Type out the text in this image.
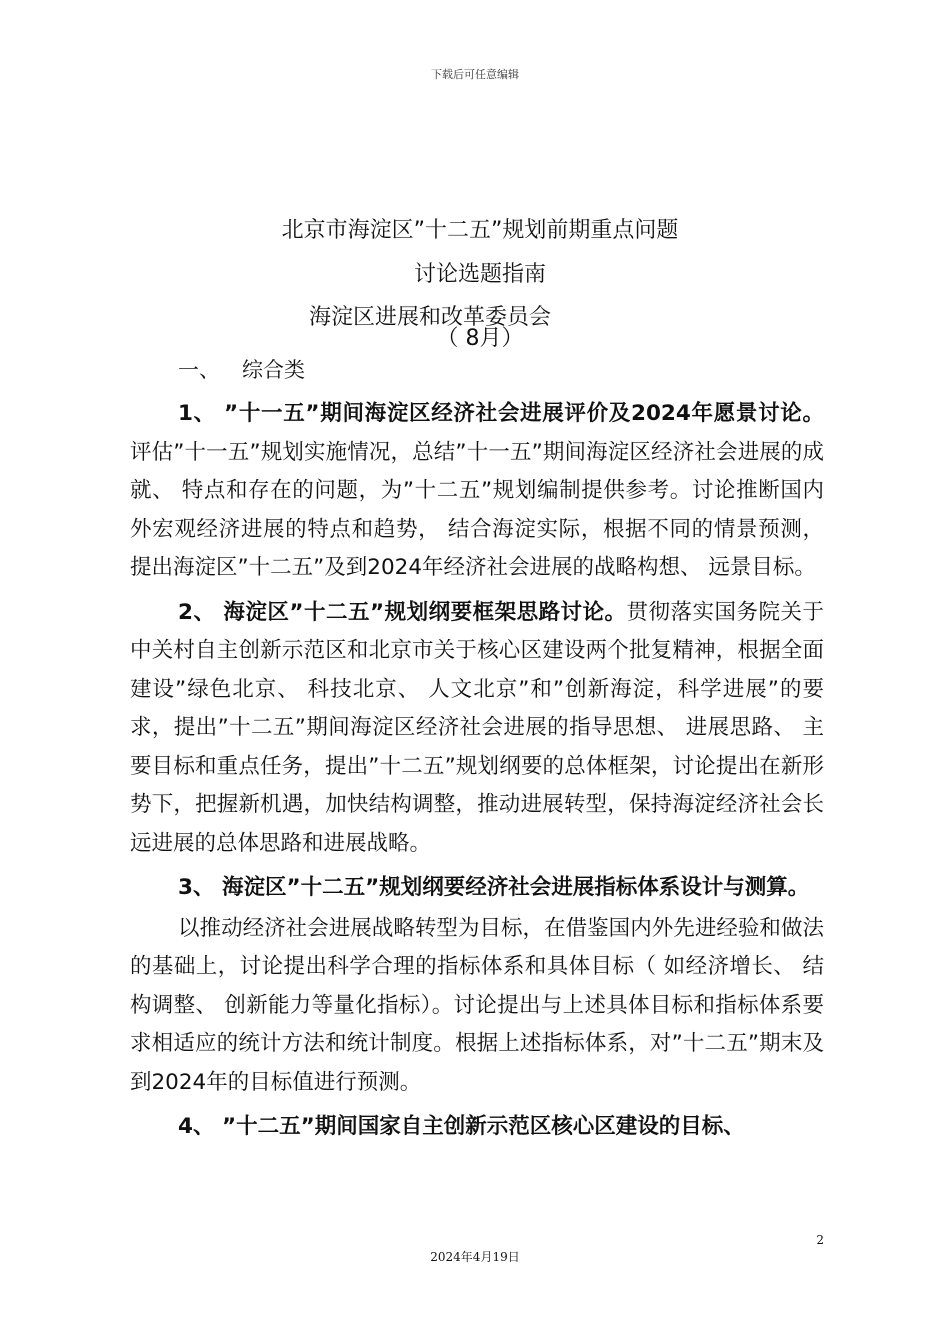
下载后可任意编辑
北京市海淀区”十二五”规划前期重点问题
讨论选题指南
海淀区进展和改革委员会
（ 8月）
一、 综合类

1、 ”十一五”期间海淀区经济社会进展评价及2024年愿景讨论。评估”十一五”规划实施情况，总结”十一五”期间海淀区经济社会进展的成就、 特点和存在的问题，为”十二五”规划编制提供参考。讨论推断国内外宏观经济进展的特点和趋势， 结合海淀实际，根据不同的情景预测，提出海淀区”十二五”及到2024年经济社会进展的战略构想、 远景目标。

2、 海淀区”十二五”规划纲要框架思路讨论。贯彻落实国务院关于中关村自主创新示范区和北京市关于核心区建设两个批复精神，根据全面建设”绿色北京、 科技北京、 人文北京”和”创新海淀，科学进展”的要求，提出”十二五”期间海淀区经济社会进展的指导思想、 进展思路、 主要目标和重点任务，提出”十二五”规划纲要的总体框架，讨论提出在新形势下，把握新机遇，加快结构调整，推动进展转型，保持海淀经济社会长远进展的总体思路和进展战略。

3、 海淀区”十二五”规划纲要经济社会进展指标体系设计与测算。

以推动经济社会进展战略转型为目标，在借鉴国内外先进经验和做法的基础上，讨论提出科学合理的指标体系和具体目标（ 如经济增长、 结构调整、 创新能力等量化指标）。讨论提出与上述具体目标和指标体系要求相适应的统计方法和统计制度。根据上述指标体系，对”十二五”期末及到2024年的目标值进行预测。

4、 ”十二五”期间国家自主创新示范区核心区建设的目标、

2
2024年4月19日
